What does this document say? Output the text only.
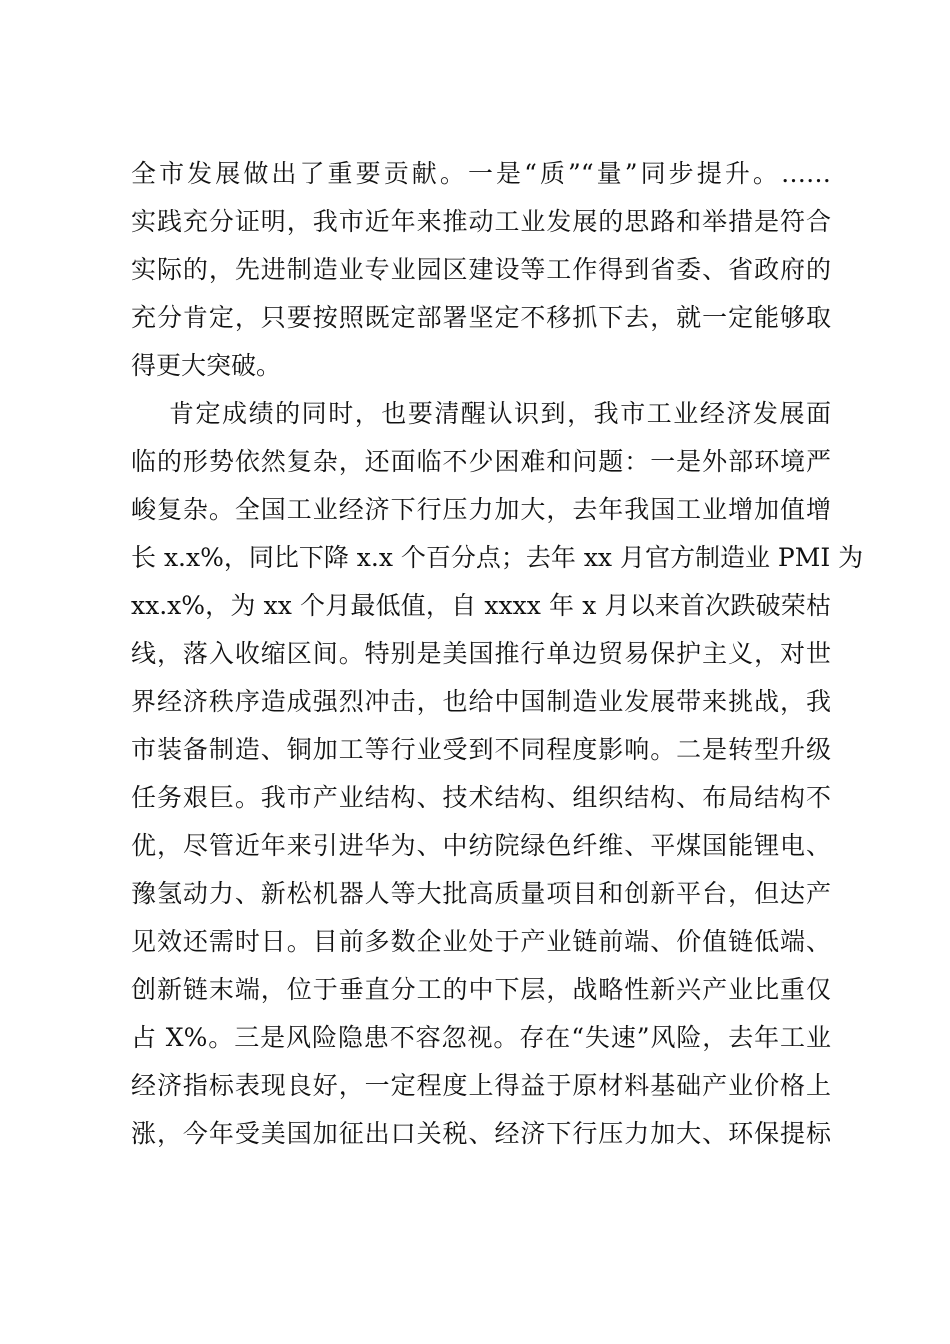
全市发展做出了重要贡献。一是“质”“量”同步提升。……
实践充分证明，我市近年来推动工业发展的思路和举措是符合
实际的，先进制造业专业园区建设等工作得到省委、省政府的
充分肯定，只要按照既定部署坚定不移抓下去，就一定能够取
得更大突破。
肯定成绩的同时，也要清醒认识到，我市工业经济发展面
临的形势依然复杂，还面临不少困难和问题：一是外部环境严
峻复杂。全国工业经济下行压力加大，去年我国工业增加值增
长 x.x%，同比下降 x.x 个百分点；去年 xx 月官方制造业 PMI 为
xx.x%，为 xx 个月最低值，自 xxxx 年 x 月以来首次跌破荣枯
线，落入收缩区间。特别是美国推行单边贸易保护主义，对世
界经济秩序造成强烈冲击，也给中国制造业发展带来挑战，我
市装备制造、铜加工等行业受到不同程度影响。二是转型升级
任务艰巨。我市产业结构、技术结构、组织结构、布局结构不
优，尽管近年来引进华为、中纺院绿色纤维、平煤国能锂电、
豫氢动力、新松机器人等大批高质量项目和创新平台，但达产
见效还需时日。目前多数企业处于产业链前端、价值链低端、
创新链末端，位于垂直分工的中下层，战略性新兴产业比重仅
占 X%。三是风险隐患不容忽视。存在“失速”风险，去年工业
经济指标表现良好，一定程度上得益于原材料基础产业价格上
涨，今年受美国加征出口关税、经济下行压力加大、环保提标
